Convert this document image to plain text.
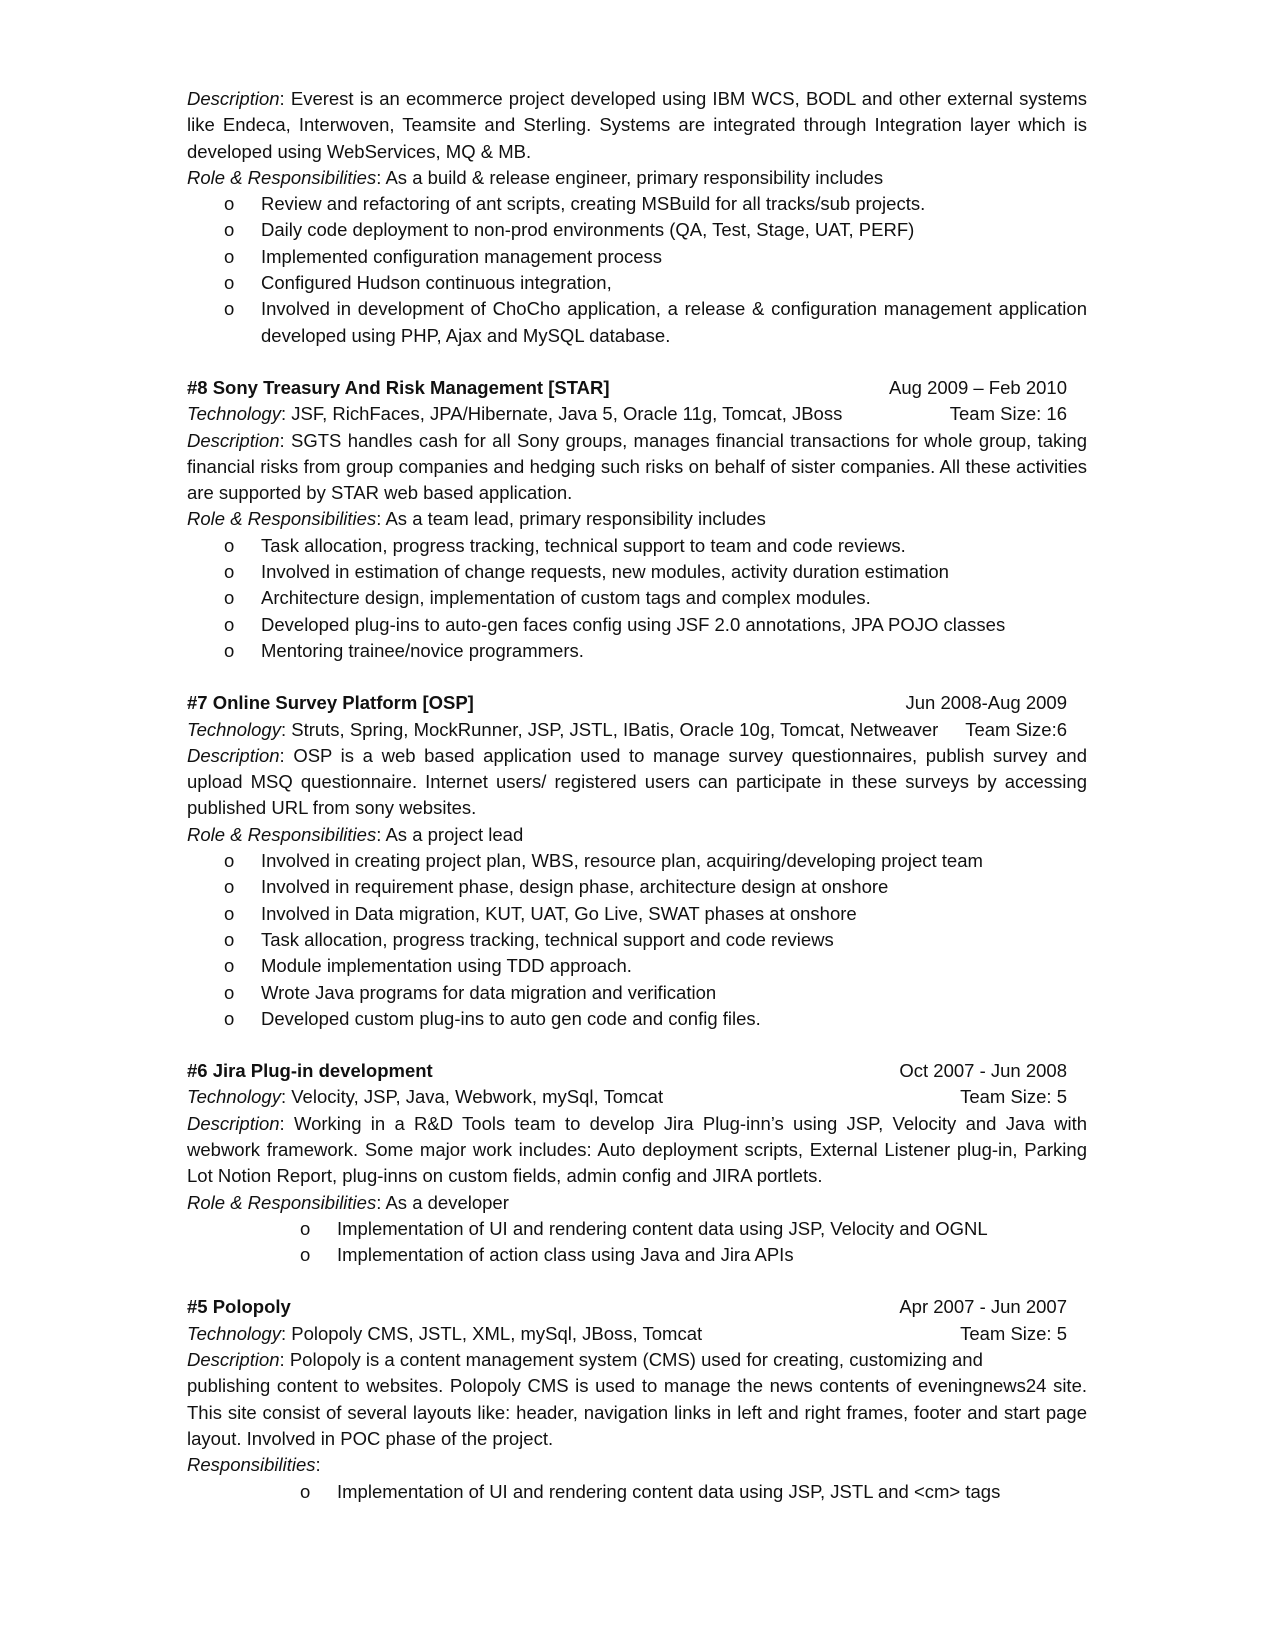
Description: Everest is an ecommerce project developed using IBM WCS, BODL and other external systems like Endeca, Interwoven, Teamsite and Sterling. Systems are integrated through Integration layer which is developed using WebServices, MQ & MB.
Role & Responsibilities: As a build & release engineer, primary responsibility includes
o Review and refactoring of ant scripts, creating MSBuild for all tracks/sub projects.
o Daily code deployment to non-prod environments (QA, Test, Stage, UAT, PERF)
o Implemented configuration management process
o Configured Hudson continuous integration,
o Involved in development of ChoCho application, a release & configuration management application developed using PHP, Ajax and MySQL database.
#8 Sony Treasury And Risk Management [STAR]	Aug 2009 – Feb 2010
Technology: JSF, RichFaces, JPA/Hibernate, Java 5, Oracle 11g, Tomcat, JBoss	Team Size: 16
Description: SGTS handles cash for all Sony groups, manages financial transactions for whole group, taking financial risks from group companies and hedging such risks on behalf of sister companies. All these activities are supported by STAR web based application.
Role & Responsibilities: As a team lead, primary responsibility includes
o Task allocation, progress tracking, technical support to team and code reviews.
o Involved in estimation of change requests, new modules, activity duration estimation
o Architecture design, implementation of custom tags and complex modules.
o Developed plug-ins to auto-gen faces config using JSF 2.0 annotations, JPA POJO classes
o Mentoring trainee/novice programmers.
#7 Online Survey Platform [OSP]	Jun 2008-Aug 2009
Technology: Struts, Spring, MockRunner, JSP, JSTL, IBatis, Oracle 10g, Tomcat, Netweaver Team Size:6
Description: OSP is a web based application used to manage survey questionnaires, publish survey and upload MSQ questionnaire. Internet users/ registered users can participate in these surveys by accessing published URL from sony websites.
Role & Responsibilities: As a project lead
o Involved in creating project plan, WBS, resource plan, acquiring/developing project team
o Involved in requirement phase, design phase, architecture design at onshore
o Involved in Data migration, KUT, UAT, Go Live, SWAT phases at onshore
o Task allocation, progress tracking, technical support and code reviews
o Module implementation using TDD approach.
o Wrote Java programs for data migration and verification
o Developed custom plug-ins to auto gen code and config files.
#6 Jira Plug-in development	Oct 2007 - Jun 2008
Technology: Velocity, JSP, Java, Webwork, mySql, Tomcat	Team Size: 5
Description: Working in a R&D Tools team to develop Jira Plug-inn’s using JSP, Velocity and Java with webwork framework. Some major work includes: Auto deployment scripts, External Listener plug-in, Parking Lot Notion Report, plug-inns on custom fields, admin config and JIRA portlets.
Role & Responsibilities: As a developer
o Implementation of UI and rendering content data using JSP, Velocity and OGNL
o Implementation of action class using Java and Jira APIs
#5 Polopoly	Apr 2007 - Jun 2007
Technology: Polopoly CMS, JSTL, XML, mySql, JBoss, Tomcat	Team Size: 5
Description: Polopoly is a content management system (CMS) used for creating, customizing and
publishing content to websites. Polopoly CMS is used to manage the news contents of eveningnews24 site. This site consist of several layouts like: header, navigation links in left and right frames, footer and start page layout. Involved in POC phase of the project.
Responsibilities:
o Implementation of UI and rendering content data using JSP, JSTL and <cm> tags
